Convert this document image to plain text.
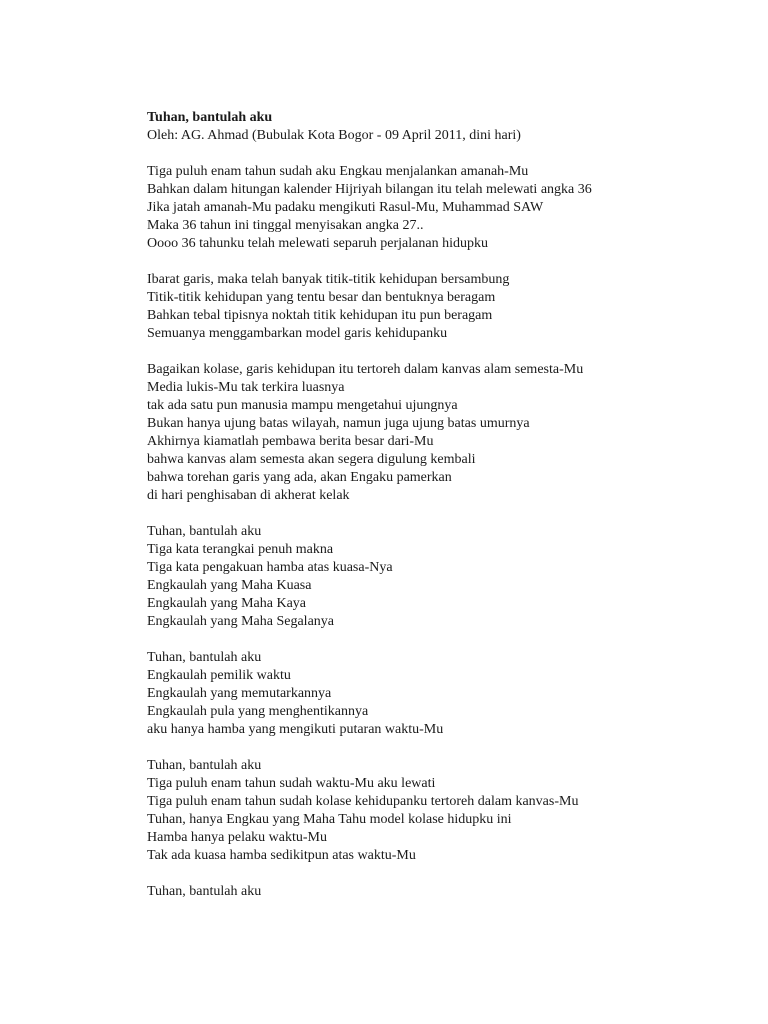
Tuhan, bantulah aku

Oleh: AG. Ahmad (Bubulak Kota Bogor - 09 April 2011, dini hari)

Tiga puluh enam tahun sudah aku Engkau menjalankan amanah-Mu
Bahkan dalam hitungan kalender Hijriyah bilangan itu telah melewati angka 36
Jika jatah amanah-Mu padaku mengikuti Rasul-Mu, Muhammad SAW
Maka 36 tahun ini tinggal menyisakan angka 27..
Oooo 36 tahunku telah melewati separuh perjalanan hidupku
Ibarat garis, maka telah banyak titik-titik kehidupan bersambung
Titik-titik kehidupan yang tentu besar dan bentuknya beragam
Bahkan tebal tipisnya noktah titik kehidupan itu pun beragam
Semuanya menggambarkan model garis kehidupanku
Bagaikan kolase, garis kehidupan itu tertoreh dalam kanvas alam semesta-Mu
Media lukis-Mu tak terkira luasnya
tak ada satu pun manusia mampu mengetahui ujungnya
Bukan hanya ujung batas wilayah, namun juga ujung batas umurnya
Akhirnya kiamatlah pembawa berita besar dari-Mu
bahwa kanvas alam semesta akan segera digulung kembali
bahwa torehan garis yang ada, akan Engaku pamerkan
di hari penghisaban di akherat kelak
Tuhan, bantulah aku
Tiga kata terangkai penuh makna
Tiga kata pengakuan hamba atas kuasa-Nya
Engkaulah yang Maha Kuasa
Engkaulah yang Maha Kaya
Engkaulah yang Maha Segalanya
Tuhan, bantulah aku
Engkaulah pemilik waktu
Engkaulah yang memutarkannya
Engkaulah pula yang menghentikannya
aku hanya hamba yang mengikuti putaran waktu-Mu
Tuhan, bantulah aku
Tiga puluh enam tahun sudah waktu-Mu aku lewati
Tiga puluh enam tahun sudah kolase kehidupanku tertoreh dalam kanvas-Mu
Tuhan, hanya Engkau yang Maha Tahu model kolase hidupku ini
Hamba hanya pelaku waktu-Mu
Tak ada kuasa hamba sedikitpun atas waktu-Mu
Tuhan, bantulah aku
